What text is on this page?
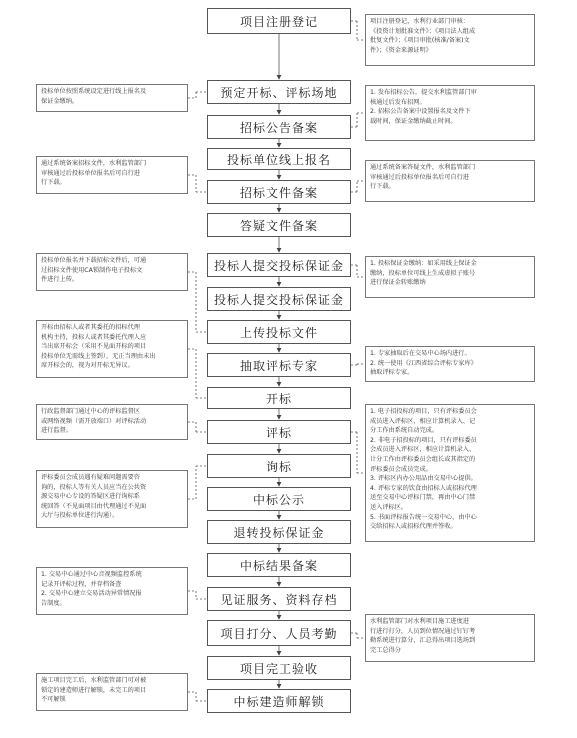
项目注册登记
预定开标、评标场地
招标公告备案
投标单位线上报名
招标文件备案
答疑文件备案
投标人提交投标保证金
投标人提交投标保证金
上传投标文件
抽取评标专家
开标
评标
询标
中标公示
退转投标保证金
中标结果备案
见证服务、资料存档
项目打分、人员考勤
项目完工验收
中标建造师解锁

项目注册登记，水利行业部门审核：

《投资计划批准文件》；《项目法人组成

批复文件》；《项目审批(核准/备案)文

件》；《资金来源证明》

1. 发布招标公告，提交水利监管部门审

核通过后发布招网。

2. 招标公告备案中设置报名及文件下

载时间，保证金缴纳截止时间。

通过系统备案答疑文件，水利监管部门

审核通过后投标单位报名后可自行进

行下载。

1. 投标保证金缴纳：如采用线上保证金

缴纳，投标单位可线上生成虚拟子账号

进行保证金转账缴纳

1. 专家抽取后在交易中心场内进行。

2. 统一使用《江西省综合评标专家库》

抽取评标专家。

1. 电子招投标的项目，只有评标委员会

成员进入评标区，相应计算机录入、记

分工作由系统自动完成。

2. 非电子招投标的项目，只有评标委员

会成员进入评标区，相应计算机录入、

计分工作由评标委员会组长或其指定的

评标委员会成员完成。

3. 评标区内办公用品由交易中心提供。

4. 评标专家的饮食由招标人或招标代理

送至交易中心评标门禁，再由中心门禁

送入评标区。

5. 书面评标报告统一交易中心，由中心

交给招标人或招标代理并签收。

水利监管部门对水利项目施工进度进

行进行打分，人员到位情况通过钉钉考

勤系统进行算分，汇总得出项目选场到

完工总得分

投标单位按照系统设定进行线上报名及

保证金缴纳。

通过系统备案招标文件，水利监管部门

审核通过后投标单位报名后可自行进

行下载。

投标单位报名并下载招标文件后，可通

过招标文件使用CA锁制作电子投标文

件进行上传。

开标由招标人或者其委托的招标代理

机构主持，投标人或者其委托代理人应

当出席开标会（采用不见面开标的项目

投标单位无需线上签到），无正当理由未出

席开标会的，视为对开标无异议。

行政监督部门通过中心的评标监督区

或网络视频（需开放端口）对评标活动

进行监督。

评标委员会成员遇有疑难问题需要咨

询的，投标人等有关人员应当在公共资

源交易中心专设的答疑区进行询标系

统回答（不见面项目由代理通过不见面

大厅与投标单位进行沟通）。

1. 交易中心通过中心音视频监控系统

记录开评标过程，并存档备查

2. 交易中心建立交易活动异常情况报

告制度。

施工项目完工后，水利监管部门可对被

锁定的建造师进行解锁，未完工的项目

不可解锁
